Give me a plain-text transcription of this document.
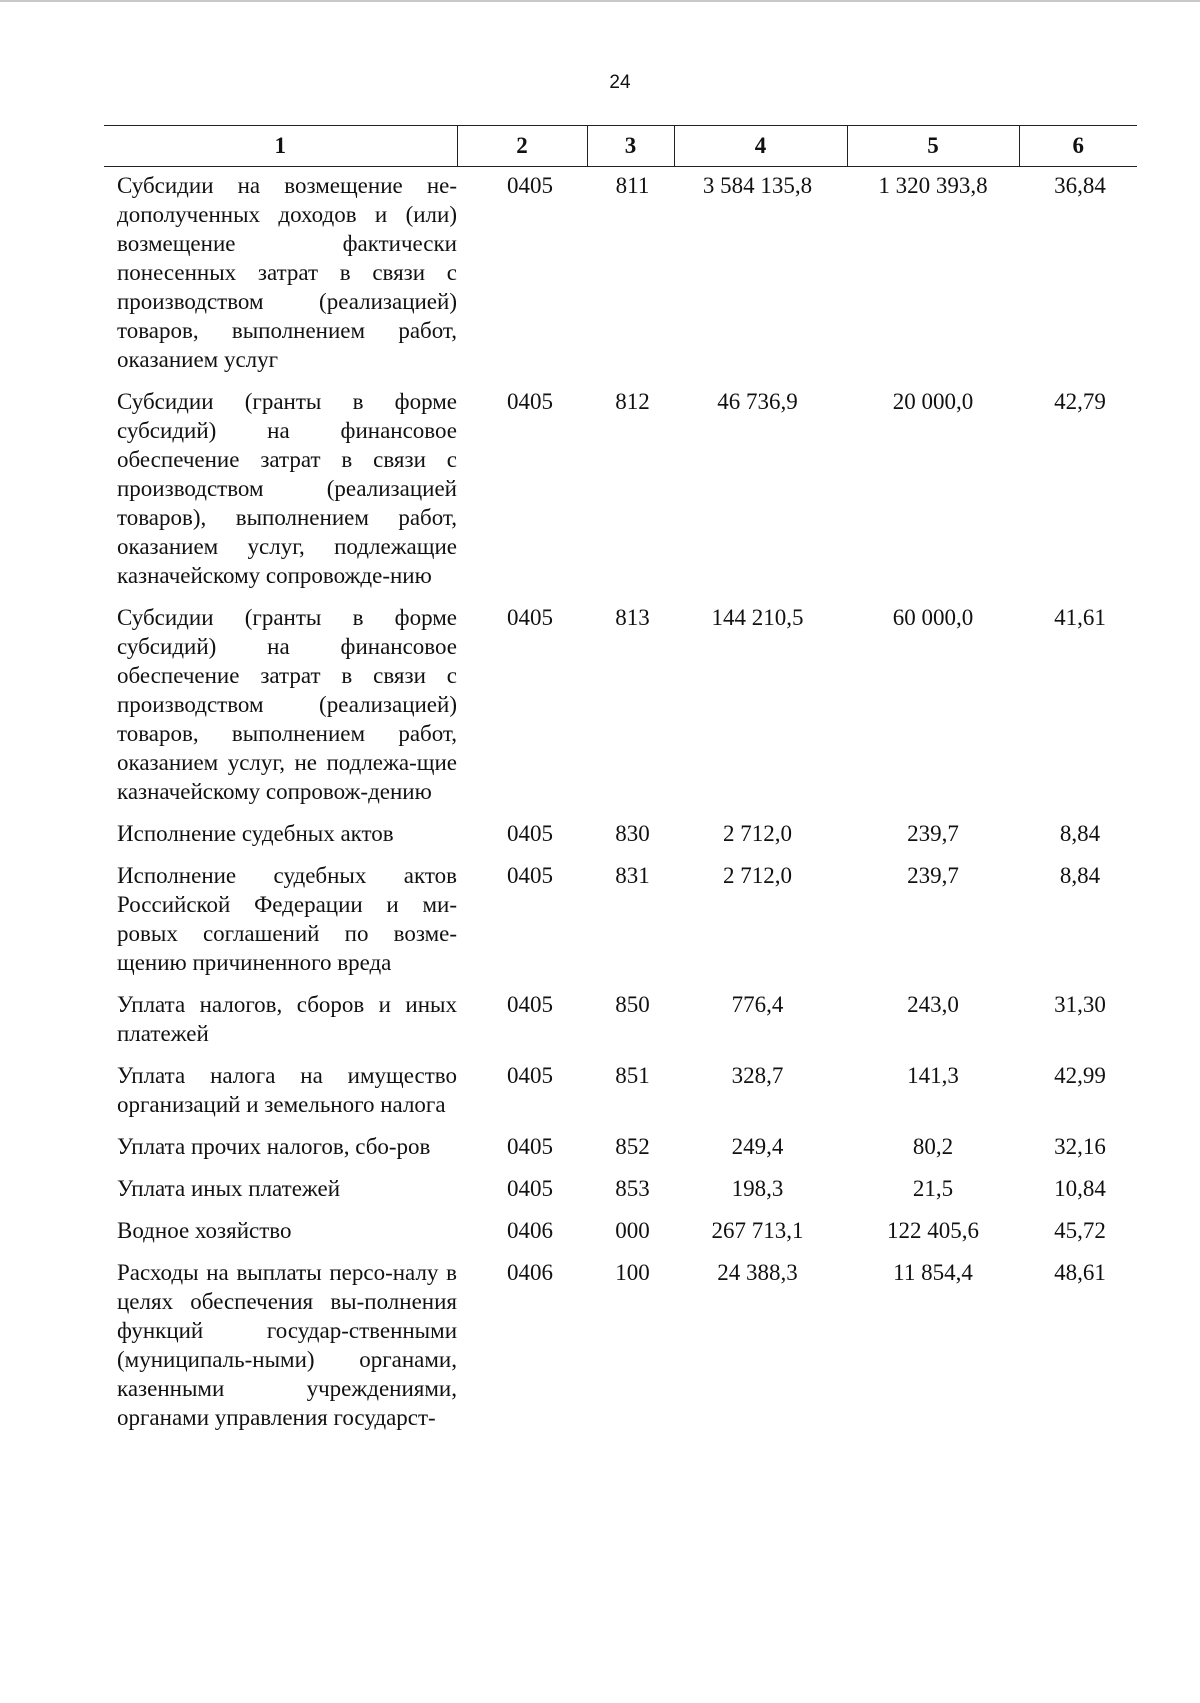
24
1	2	3	4	5	6
Субсидии на возмещение не-дополученных доходов и (или) возмещение фактически понесенных затрат в связи с производством (реализацией) товаров, выполнением работ, оказанием услуг	0405	811	3 584 135,8	1 320 393,8	36,84
Субсидии (гранты в форме субсидий) на финансовое обеспечение затрат в связи с производством (реализацией товаров), выполнением работ, оказанием услуг, подлежащие казначейскому сопровожде-нию	0405	812	46 736,9	20 000,0	42,79
Субсидии (гранты в форме субсидий) на финансовое обеспечение затрат в связи с производством (реализацией) товаров, выполнением работ, оказанием услуг, не подлежа-щие казначейскому сопровож-дению	0405	813	144 210,5	60 000,0	41,61
Исполнение судебных актов	0405	830	2 712,0	239,7	8,84
Исполнение судебных актов Российской Федерации и ми-ровых соглашений по возме-щению причиненного вреда	0405	831	2 712,0	239,7	8,84
Уплата налогов, сборов и иных платежей	0405	850	776,4	243,0	31,30
Уплата налога на имущество организаций и земельного налога	0405	851	328,7	141,3	42,99
Уплата прочих налогов, сбо-ров	0405	852	249,4	80,2	32,16
Уплата иных платежей	0405	853	198,3	21,5	10,84
Водное хозяйство	0406	000	267 713,1	122 405,6	45,72
Расходы на выплаты персо-налу в целях обеспечения вы-полнения функций государ-ственными (муниципаль-ными) органами, казенными учреждениями, органами управления государст-	0406	100	24 388,3	11 854,4	48,61
